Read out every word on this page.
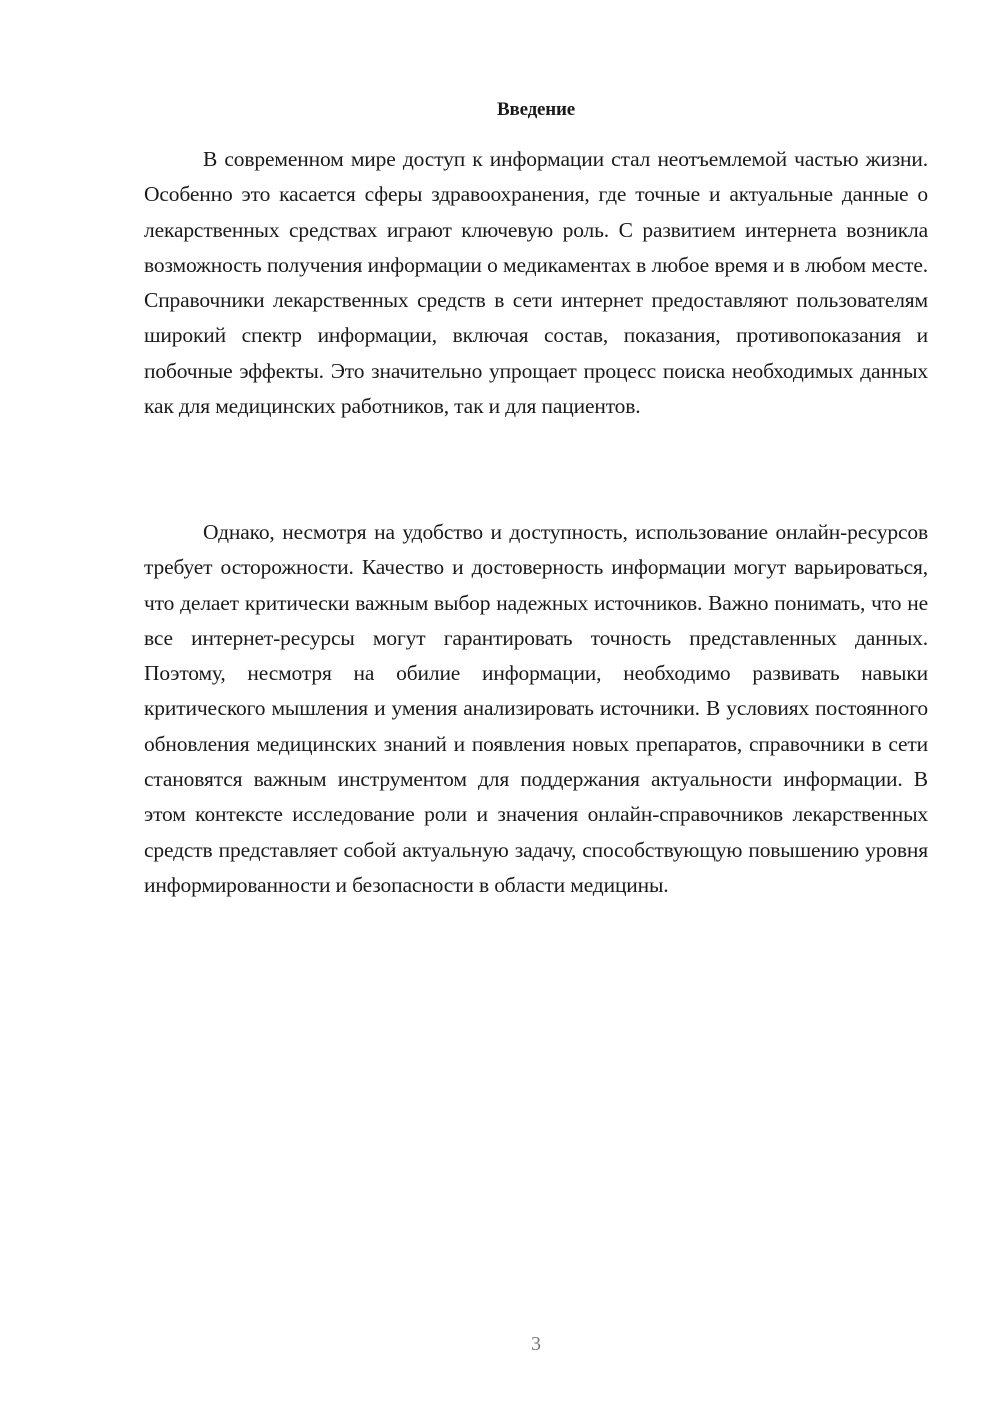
Введение

В современном мире доступ к информации стал неотъемлемой частью жизни. Особенно это касается сферы здравоохранения, где точные и актуальные данные о лекарственных средствах играют ключевую роль. С развитием интернета возникла возможность получения информации о медикаментах в любое время и в любом месте. Справочники лекарственных средств в сети интернет предоставляют пользователям широкий спектр информации, включая состав, показания, противопоказания и побочные эффекты. Это значительно упрощает процесс поиска необходимых данных как для медицинских работников, так и для пациентов.

Однако, несмотря на удобство и доступность, использование онлайн-ресурсов требует осторожности. Качество и достоверность информации могут варьироваться, что делает критически важным выбор надежных источников. Важно понимать, что не все интернет-ресурсы могут гарантировать точность представленных данных. Поэтому, несмотря на обилие информации, необходимо развивать навыки критического мышления и умения анализировать источники. В условиях постоянного обновления медицинских знаний и появления новых препаратов, справочники в сети становятся важным инструментом для поддержания актуальности информации. В этом контексте исследование роли и значения онлайн-справочников лекарственных средств представляет собой актуальную задачу, способствующую повышению уровня информированности и безопасности в области медицины.

3
